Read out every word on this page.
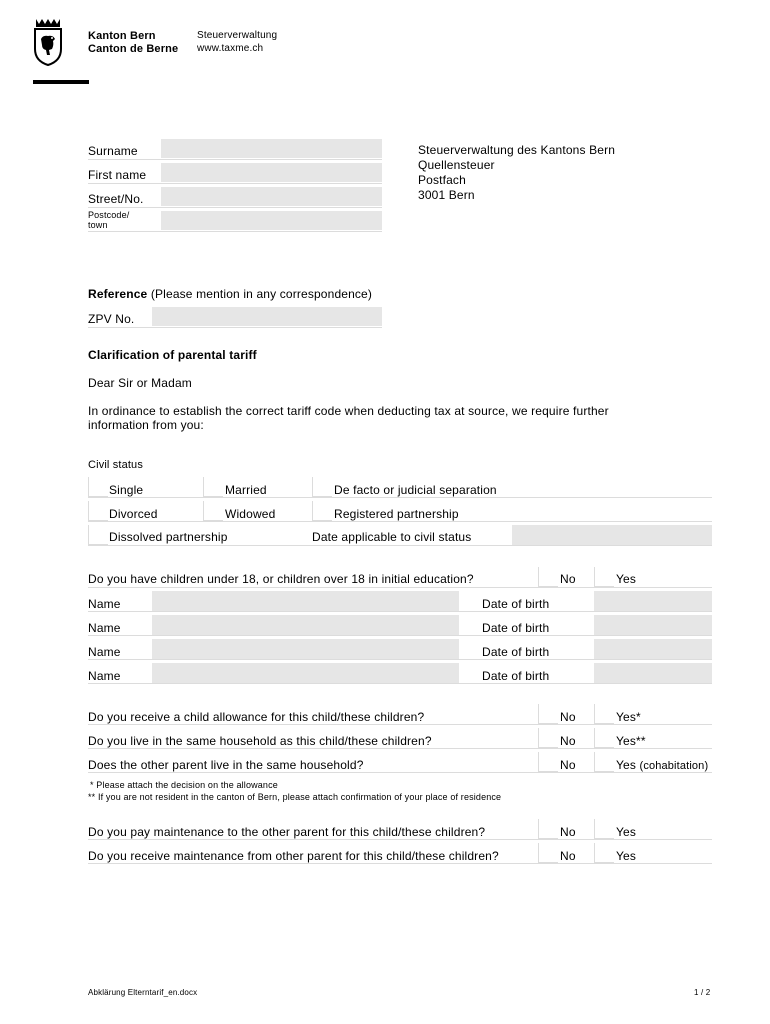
Kanton Bern
Canton de Berne
Steuerverwaltung
www.taxme.ch
Surname
First name
Street/No.
Postcode/
town
Steuerverwaltung des Kantons Bern
Quellensteuer
Postfach
3001 Bern
Reference (Please mention in any correspondence)
ZPV No.
Clarification of parental tariff
Dear Sir or Madam
In ordinance to establish the correct tariff code when deducting tax at source, we require further
information from you:
Civil status
Single	Married	De facto or judicial separation
Divorced	Widowed	Registered partnership
Dissolved partnership	Date applicable to civil status
Do you have children under 18, or children over 18 in initial education?	No	Yes
Name	Date of birth
Name	Date of birth
Name	Date of birth
Name	Date of birth
Do you receive a child allowance for this child/these children?	No	Yes*
Do you live in the same household as this child/these children?	No	Yes**
Does the other parent live in the same household?	No	Yes (cohabitation)
* Please attach the decision on the allowance
** If you are not resident in the canton of Bern, please attach confirmation of your place of residence
Do you pay maintenance to the other parent for this child/these children?	No	Yes
Do you receive maintenance from other parent for this child/these children?	No	Yes
Abklärung Elterntarif_en.docx	1 / 2
